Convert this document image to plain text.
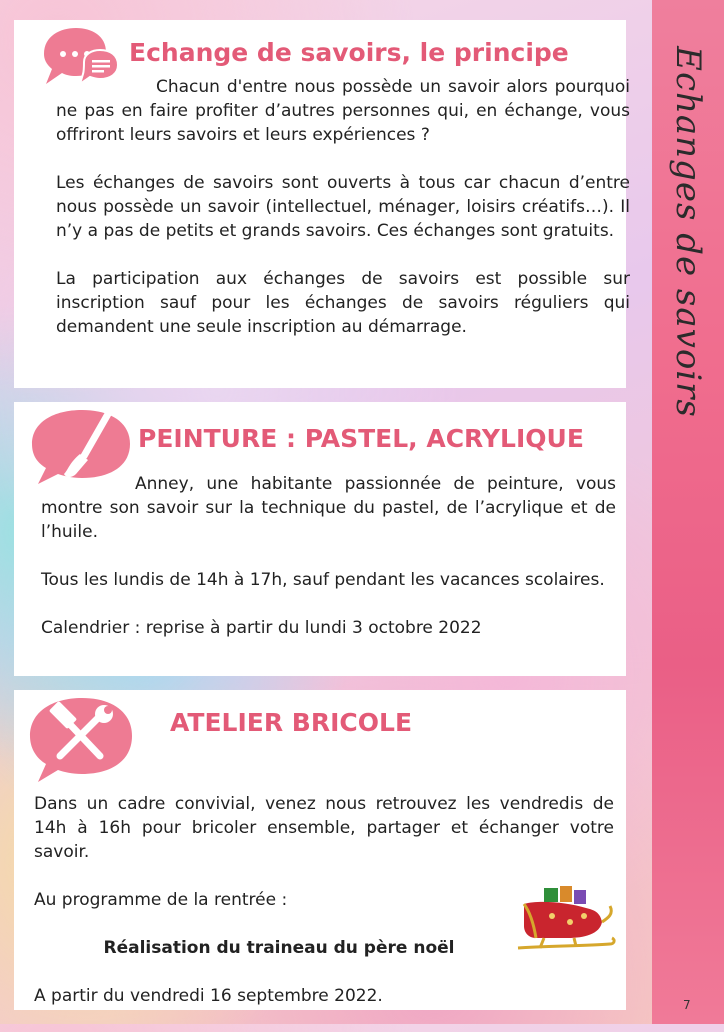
Echanges de savoirs
Echange de savoirs, le principe

Chacun d'entre nous possède un savoir alors pourquoi ne pas en faire profiter d’autres personnes qui, en échange, vous offriront leurs savoirs et leurs expériences ?

Les échanges de savoirs sont ouverts à tous car chacun d’entre nous possède un savoir (intellectuel, ménager, loisirs créatifs…). Il n’y a pas de petits et grands savoirs. Ces échanges sont gratuits.

La participation aux échanges de savoirs est possible sur inscription sauf pour les échanges de savoirs réguliers qui demandent une seule inscription au démarrage.

PEINTURE : PASTEL, ACRYLIQUE

Anney, une habitante passionnée de peinture, vous montre son savoir sur la technique du pastel, de l’acrylique et de l’huile.

Tous les lundis de 14h à 17h, sauf pendant les vacances scolaires.

Calendrier : reprise à partir du lundi 3 octobre 2022

ATELIER BRICOLE

Dans un cadre convivial, venez nous retrouvez les vendredis de 14h à 16h pour bricoler ensemble, partager et échanger votre savoir.

Au programme de la rentrée :

Réalisation du traineau du père noël

A partir du vendredi 16 septembre 2022.	7
